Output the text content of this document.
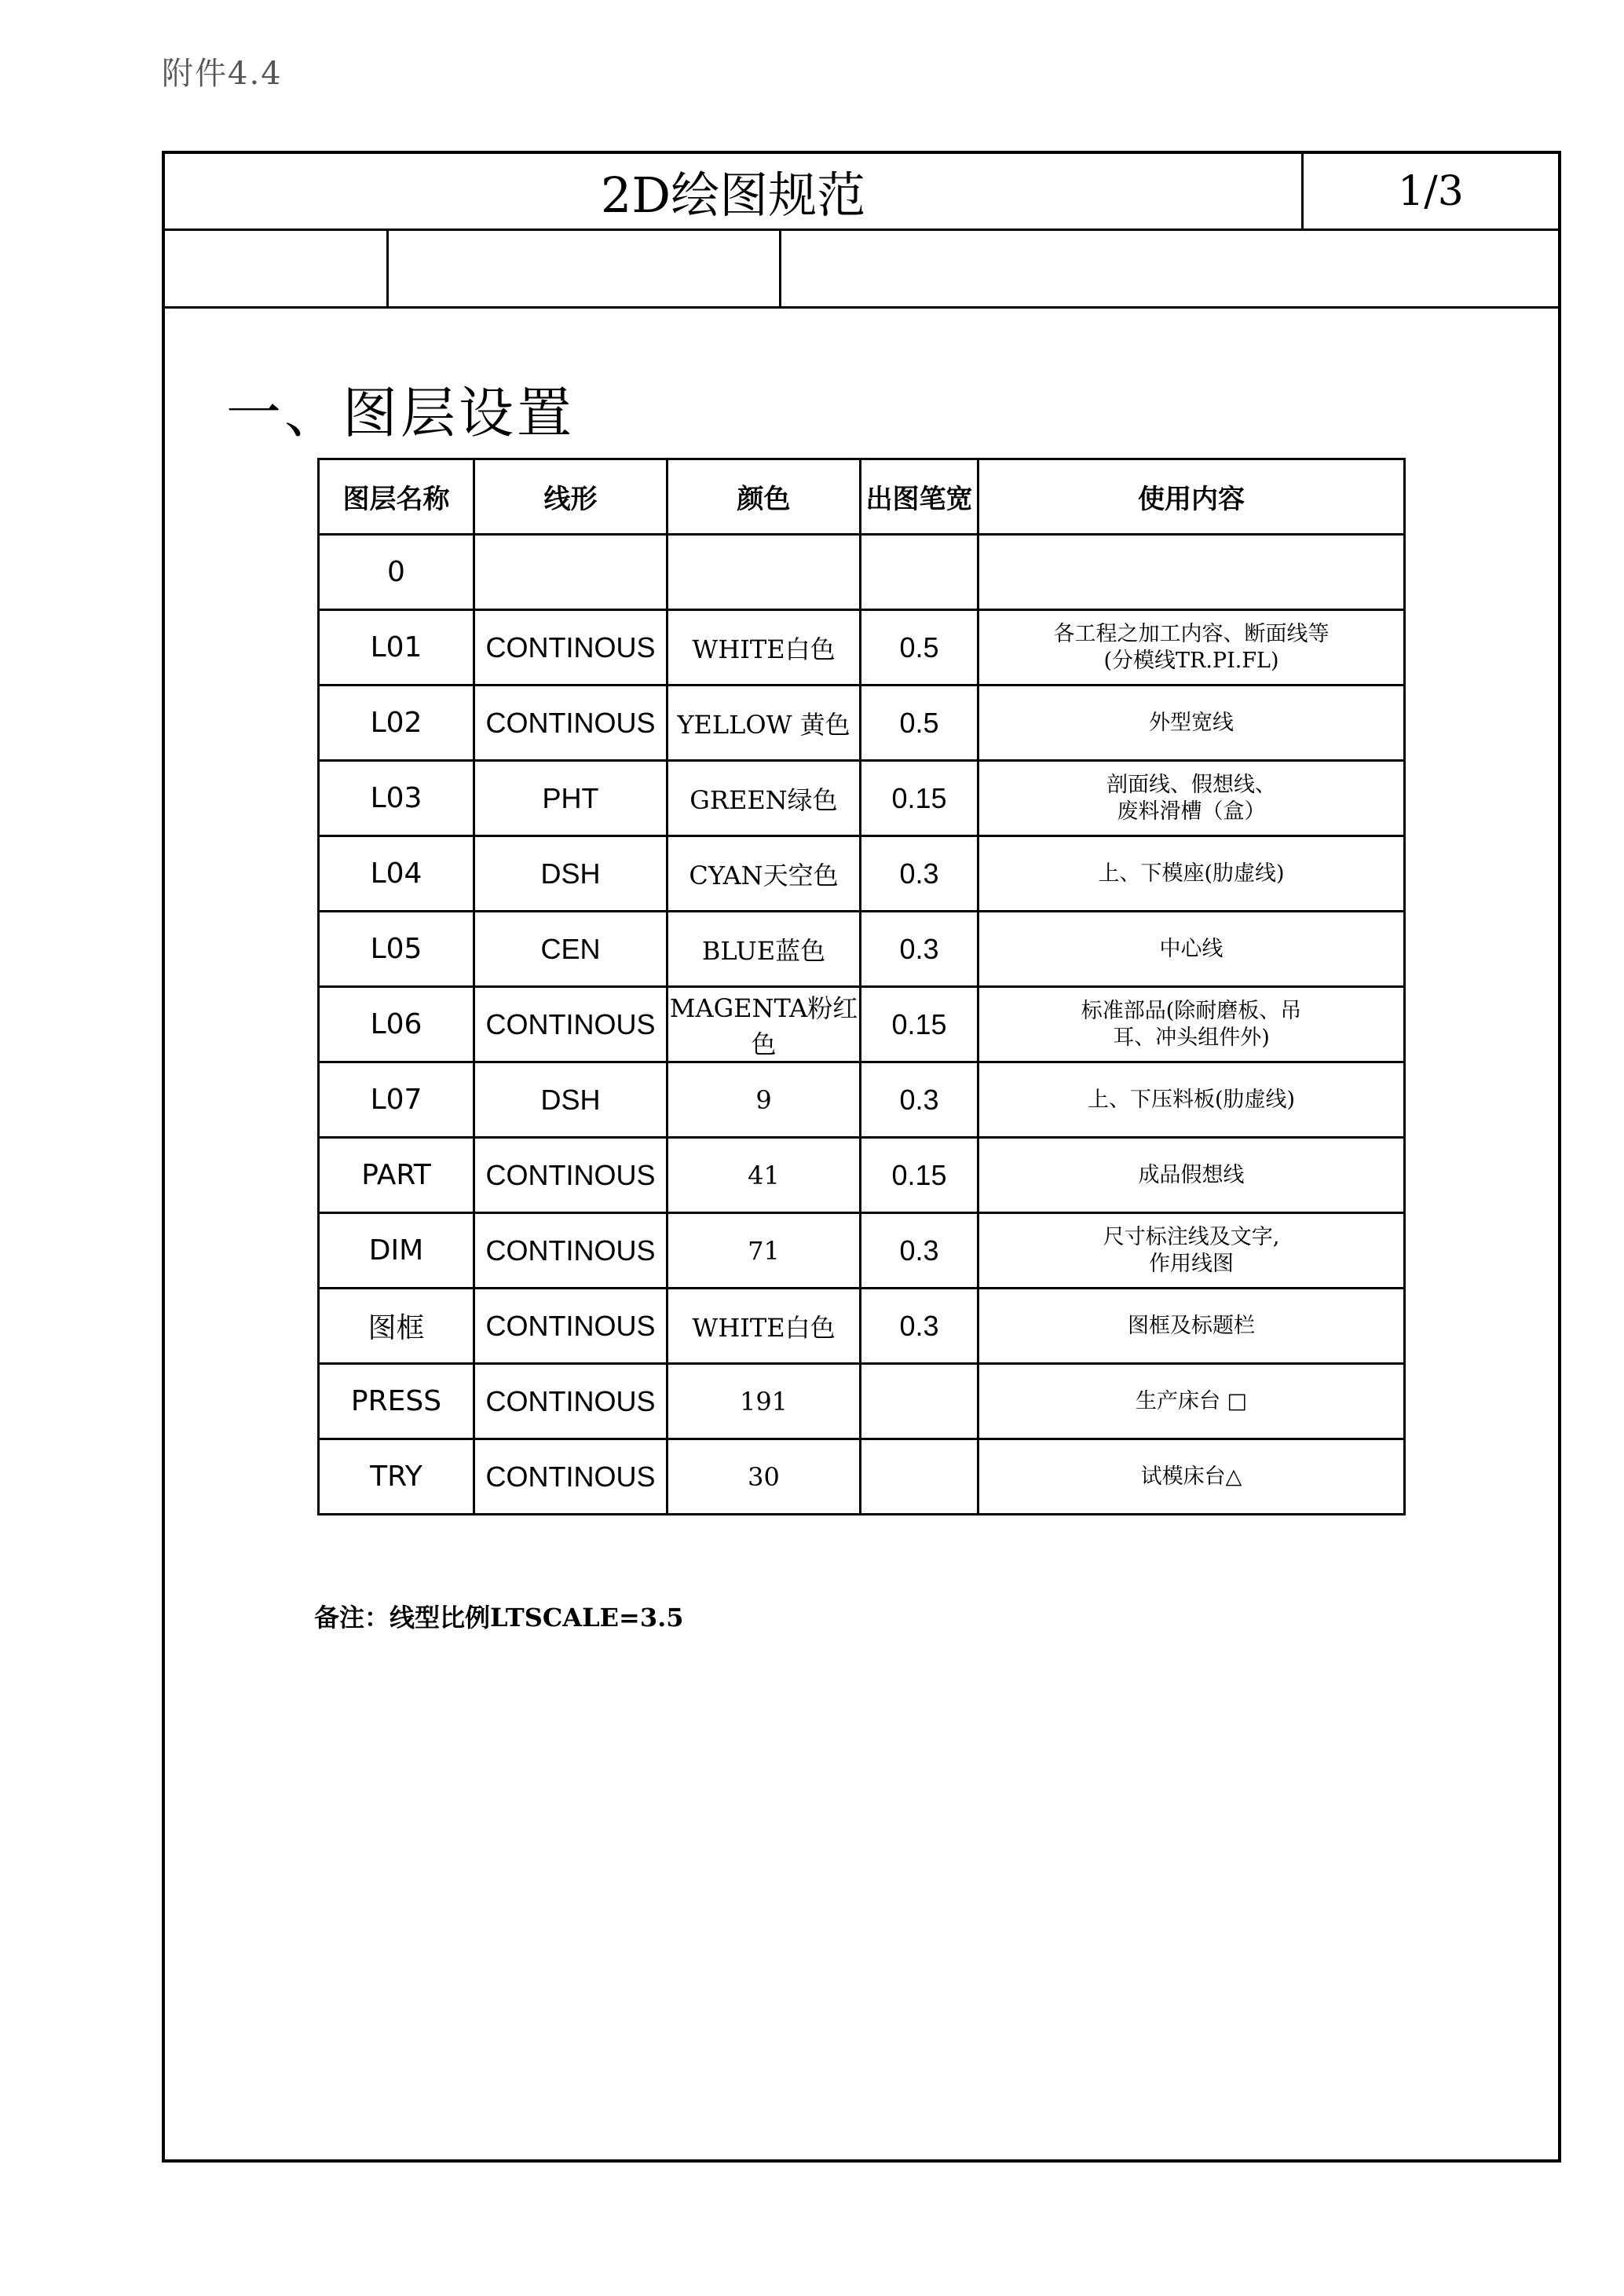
附件4.4
2D绘图规范	1/3
一、图层设置
图层名称	线形	颜色	出图笔宽	使用内容
0				
L01	CONTINOUS	WHITE白色	0.5	各工程之加工内容、断面线等
(分模线TR.PI.FL)
L02	CONTINOUS	YELLOW 黄色	0.5	外型宽线
L03	PHT	GREEN绿色	0.15	剖面线、假想线、
废料滑槽（盒）
L04	DSH	CYAN天空色	0.3	上、下模座(肋虚线)
L05	CEN	BLUE蓝色	0.3	中心线
L06	CONTINOUS	MAGENTA粉红色	0.15	标准部品(除耐磨板、吊
耳、冲头组件外)
L07	DSH	9	0.3	上、下压料板(肋虚线)
PART	CONTINOUS	41	0.15	成品假想线
DIM	CONTINOUS	71	0.3	尺寸标注线及文字,
作用线图
图框	CONTINOUS	WHITE白色	0.3	图框及标题栏
PRESS	CONTINOUS	191		生产床台 □
TRY	CONTINOUS	30		试模床台△
备注：线型比例LTSCALE=3.5
